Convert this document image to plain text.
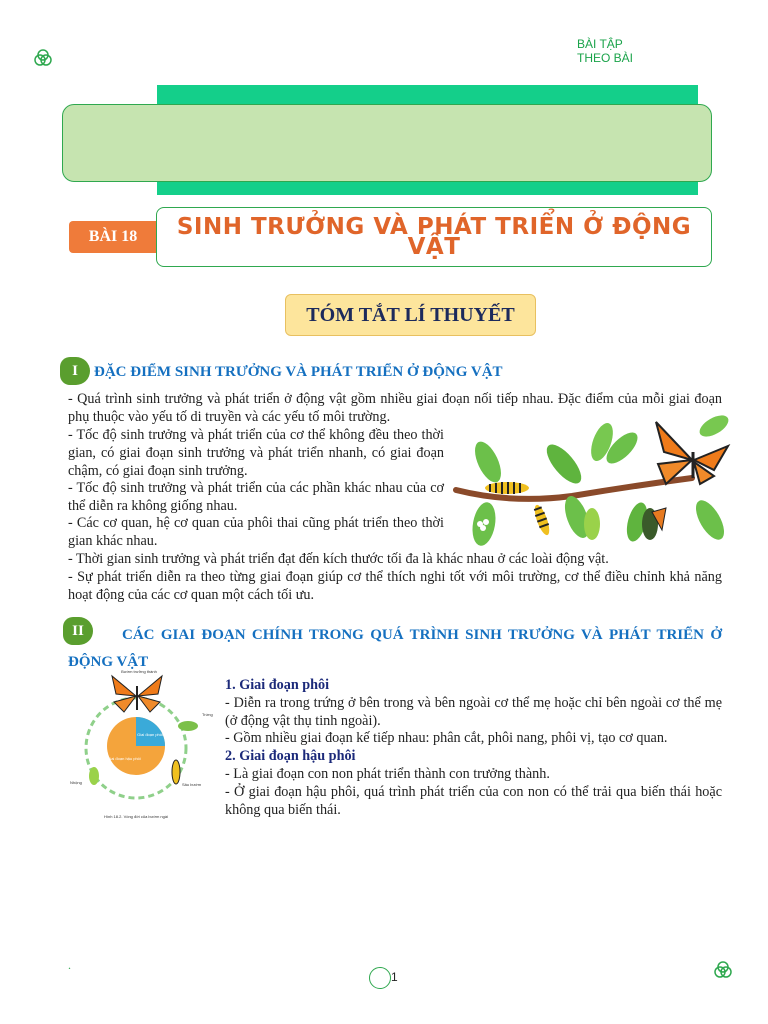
BÀI TẬP THEO BÀI
BÀI 18	SINH TRƯỞNG VÀ PHÁT TRIỂN Ở ĐỘNG VẬT
TÓM TẮT LÍ THUYẾT
I	ĐẶC ĐIỂM SINH TRƯỞNG VÀ PHÁT TRIỂN Ở ĐỘNG VẬT
- Quá trình sinh trưởng và phát triển ở động vật gồm nhiều giai đoạn nối tiếp nhau. Đặc điểm của mỗi giai đoạn phụ thuộc vào yếu tố di truyền và các yếu tố môi trường.
- Tốc độ sinh trưởng và phát triển của cơ thể không đều theo thời gian, có giai đoạn sinh trưởng và phát triển nhanh, có giai đoạn chậm, có giai đoạn sinh trưởng.
- Tốc độ sinh trưởng và phát triển của các phần khác nhau của cơ thể diễn ra không giống nhau.
- Các cơ quan, hệ cơ quan của phôi thai cũng phát triển theo thời gian khác nhau.
- Thời gian sinh trưởng và phát triển đạt đến kích thước tối đa là khác nhau ở các loài động vật.
- Sự phát triển diễn ra theo từng giai đoạn giúp cơ thể thích nghi tốt với môi trường, cơ thể điều chỉnh khả năng hoạt động của các cơ quan một cách tối ưu.
II	CÁC GIAI ĐOẠN CHÍNH TRONG QUÁ TRÌNH SINH TRƯỞNG VÀ PHÁT TRIỂN Ở ĐỘNG VẬT
Bướm trưởng thành
Giai đoạn phôi
Giai đoạn hậu phôi
Trứng
Sâu bướm
Nhộng
Hình 18.2. Vòng đời của bướm ngài

1. Giai đoạn phôi

- Diễn ra trong trứng ở bên trong và bên ngoài cơ thể mẹ hoặc chỉ bên ngoài cơ thể mẹ (ở động vật thụ tinh ngoài).

- Gồm nhiều giai đoạn kế tiếp nhau: phân cắt, phôi nang, phôi vị, tạo cơ quan.

2. Giai đoạn hậu phôi

- Là giai đoạn con non phát triển thành con trưởng thành.

- Ở giai đoạn hậu phôi, quá trình phát triển của con non có thể trải qua biến thái hoặc không qua biến thái.

.
1
